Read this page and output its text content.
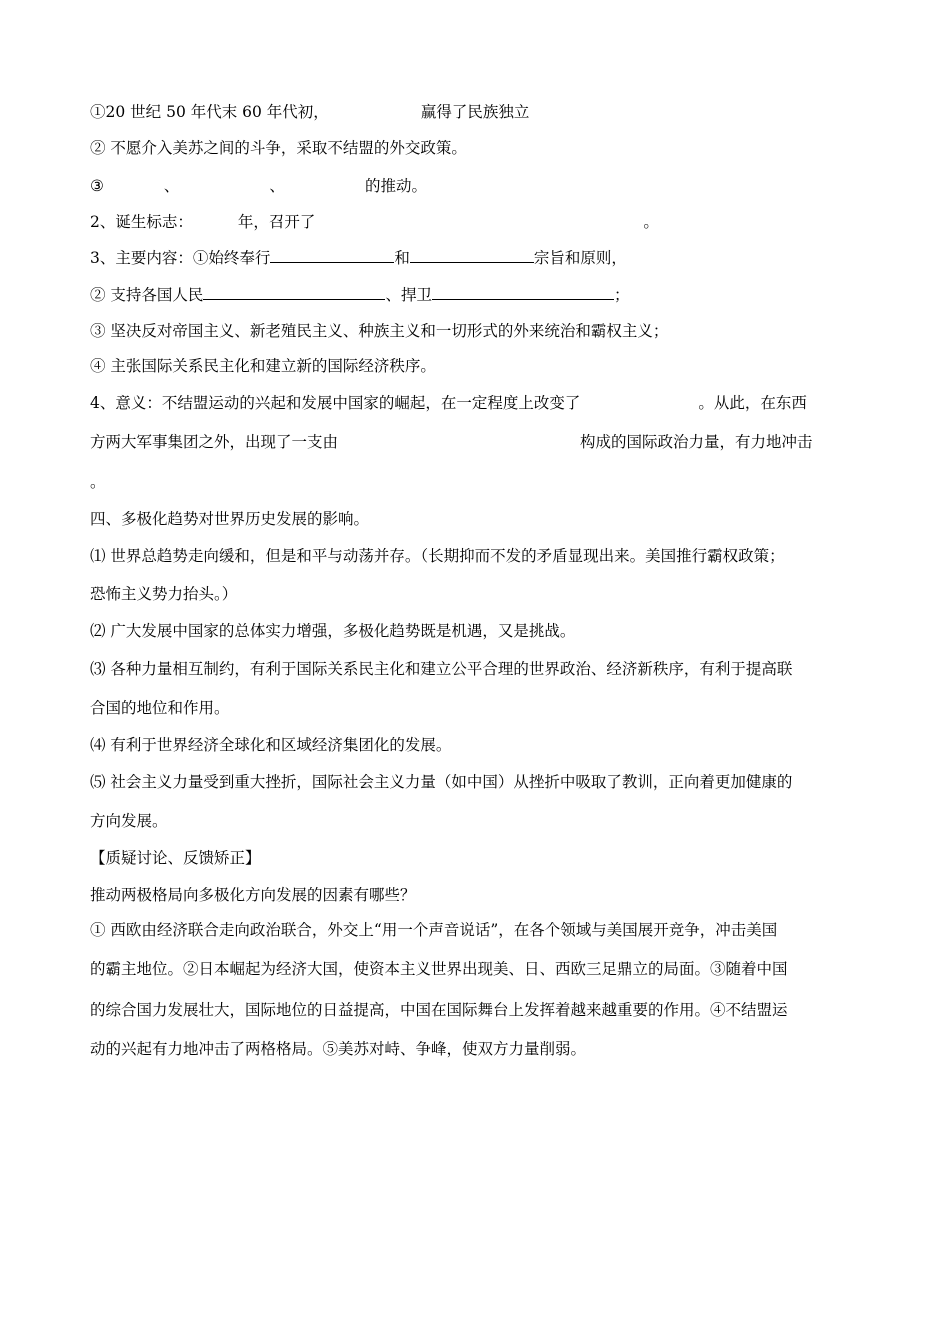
①20 世纪 50 年代末 60 年代初，	赢得了民族独立
② 不愿介入美苏之间的斗争，采取不结盟的外交政策。
③	、	、	的推动。
2、诞生标志：	年，召开了	。
3、主要内容：①始终奉行	和	宗旨和原则，
② 支持各国人民	、捍卫	；
③ 坚决反对帝国主义、新老殖民主义、种族主义和一切形式的外来统治和霸权主义；
④ 主张国际关系民主化和建立新的国际经济秩序。
4、意义：不结盟运动的兴起和发展中国家的崛起，在一定程度上改变了	。从此，在东西
方两大军事集团之外，出现了一支由	构成的国际政治力量，有力地冲击
。
四、多极化趋势对世界历史发展的影响。
⑴ 世界总趋势走向缓和，但是和平与动荡并存。（长期抑而不发的矛盾显现出来。美国推行霸权政策；
恐怖主义势力抬头。）
⑵ 广大发展中国家的总体实力增强，多极化趋势既是机遇，又是挑战。
⑶ 各种力量相互制约，有利于国际关系民主化和建立公平合理的世界政治、经济新秩序，有利于提高联
合国的地位和作用。
⑷ 有利于世界经济全球化和区域经济集团化的发展。
⑸ 社会主义力量受到重大挫折，国际社会主义力量（如中国）从挫折中吸取了教训，正向着更加健康的
方向发展。
【质疑讨论、反馈矫正】
推动两极格局向多极化方向发展的因素有哪些？
① 西欧由经济联合走向政治联合，外交上“用一个声音说话”，在各个领域与美国展开竞争，冲击美国
的霸主地位。②日本崛起为经济大国，使资本主义世界出现美、日、西欧三足鼎立的局面。③随着中国
的综合国力发展壮大，国际地位的日益提高，中国在国际舞台上发挥着越来越重要的作用。④不结盟运
动的兴起有力地冲击了两格格局。⑤美苏对峙、争峰，使双方力量削弱。
